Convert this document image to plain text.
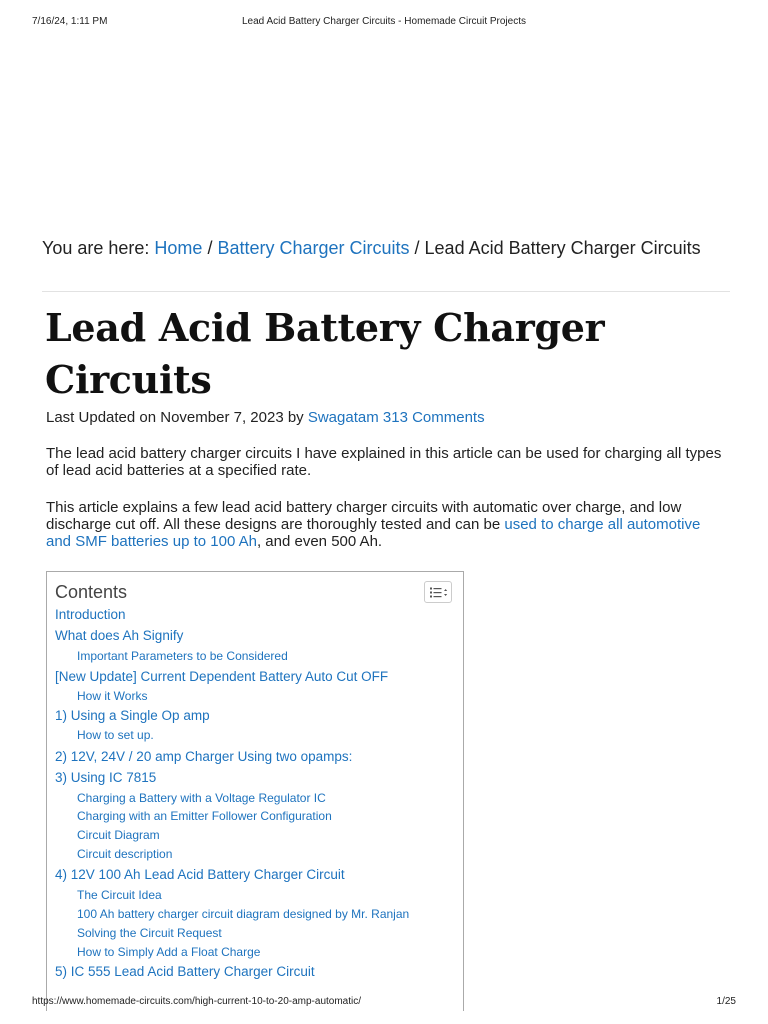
7/16/24, 1:11 PM	Lead Acid Battery Charger Circuits - Homemade Circuit Projects
You are here: Home / Battery Charger Circuits / Lead Acid Battery Charger Circuits
Lead Acid Battery Charger Circuits
Last Updated on November 7, 2023 by Swagatam 313 Comments

The lead acid battery charger circuits I have explained in this article can be used for charging all types of lead acid batteries at a specified rate.

This article explains a few lead acid battery charger circuits with automatic over charge, and low discharge cut off. All these designs are thoroughly tested and can be used to charge all automotive and SMF batteries up to 100 Ah, and even 500 Ah.

Contents
Introduction
What does Ah Signify
Important Parameters to be Considered
[New Update] Current Dependent Battery Auto Cut OFF
How it Works
1) Using a Single Op amp
How to set up.
2) 12V, 24V / 20 amp Charger Using two opamps:
3) Using IC 7815
Charging a Battery with a Voltage Regulator IC
Charging with an Emitter Follower Configuration
Circuit Diagram
Circuit description
4) 12V 100 Ah Lead Acid Battery Charger Circuit
The Circuit Idea
100 Ah battery charger circuit diagram designed by Mr. Ranjan
Solving the Circuit Request
How to Simply Add a Float Charge
5) IC 555 Lead Acid Battery Charger Circuit
https://www.homemade-circuits.com/high-current-10-to-20-amp-automatic/	1/25
